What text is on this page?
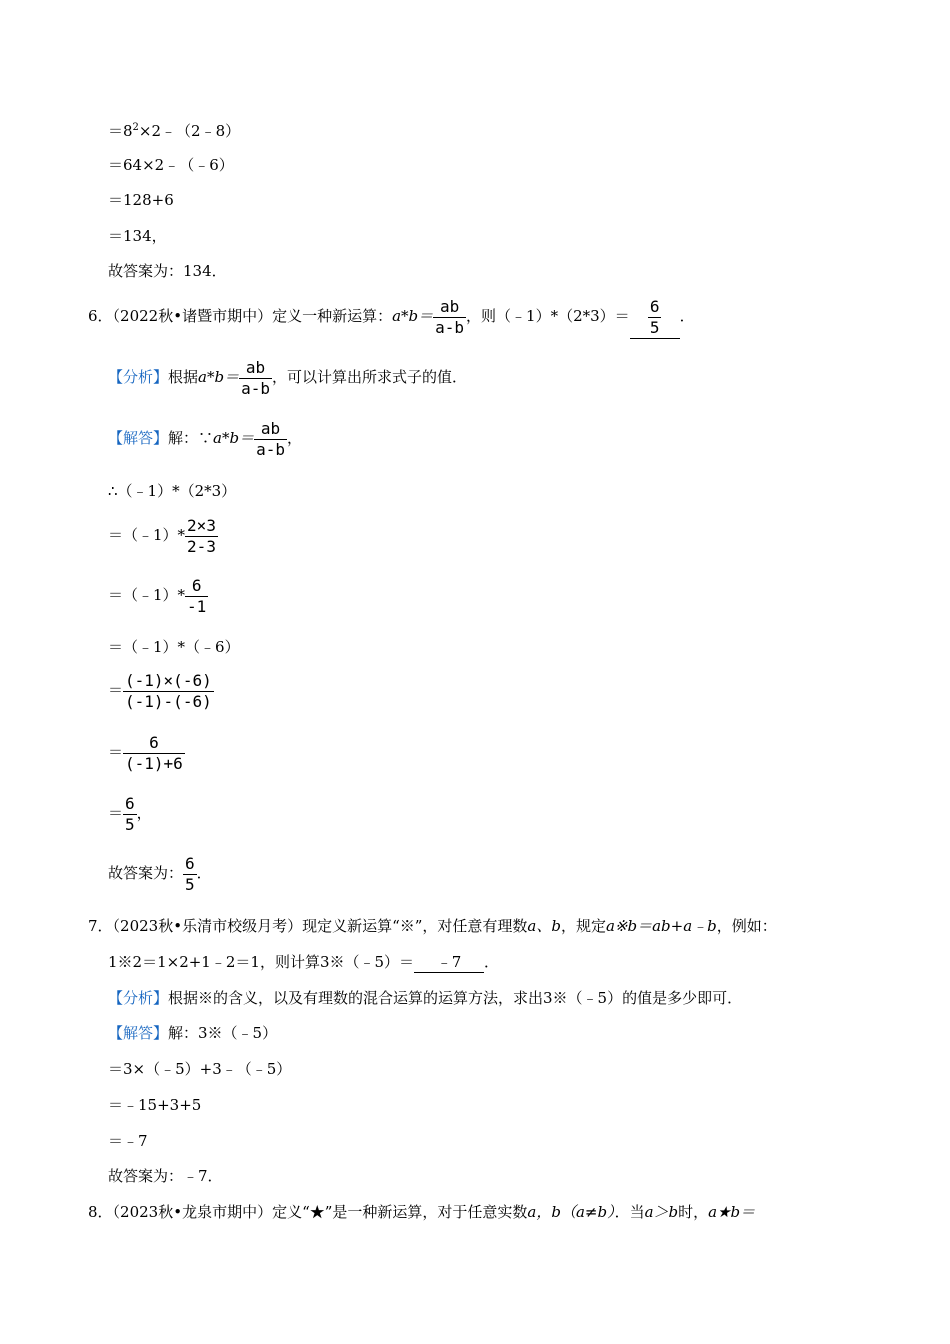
$=8^2\times 2﹣(2﹣8)$
＝64×2﹣（﹣6）
＝128+6
＝134，
故答案为：134．
6．（2022秋•诸暨市期中）定义一种新运算：$a*b= \frac{ab}{a-b}$ ，则（﹣1）*（2*3）＝ $\frac{6}{5}$ ．
【分析】根据$a*b= \frac{ab}{a-b}$ ，可以计算出所求式子的值．
【解答】解：∵a*b＝ $\frac{ab}{a-b}$ ，
∴（﹣1）*（2*3）
＝（﹣1）* $\frac{2\times 3}{2-3}$
＝（﹣1）* $\frac{6}{-1}$
＝（﹣1）*（﹣6）
＝ $\frac{(-1)\times(-6)}{(-1)-(-6)}$
＝ $\frac{6}{(-1)+6}$
＝ $\frac{6}{5}$ ，
故答案为： $\frac{6}{5}$ ．
7．（2023秋•乐清市校级月考）现定义新运算“※”，对任意有理数a、b，规定a※b＝ab+a﹣b，例如：
1※2＝1×2+1﹣2＝1，则计算3※（﹣5）＝ ﹣7 ．
【分析】根据※的含义，以及有理数的混合运算的运算方法，求出3※（﹣5）的值是多少即可．
【解答】解：3※（﹣5）
＝3×（﹣5）+3﹣（﹣5）
＝﹣15+3+5
＝﹣7
故答案为：﹣7．
8．（2023秋•龙泉市期中）定义“★”是一种新运算，对于任意实数a，b（a≠b）．当a＞b时，a★b＝
